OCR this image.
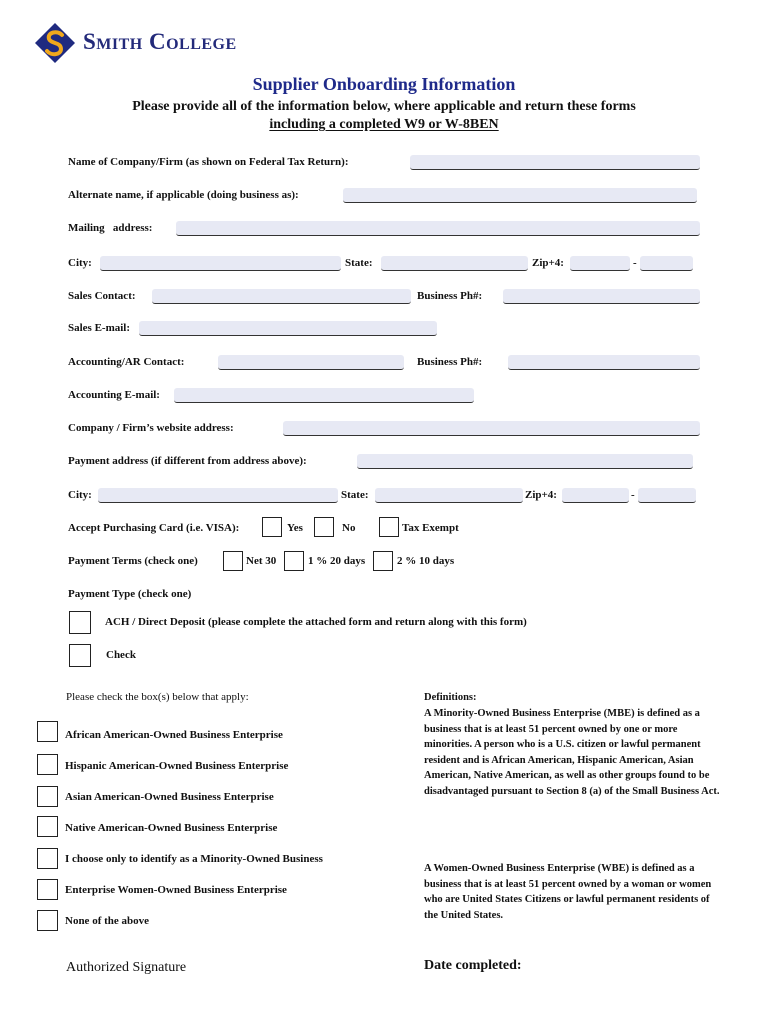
Smith College
Supplier Onboarding Information
Please provide all of the information below, where applicable and return these forms
including a completed W9 or W-8BEN
Name of Company/Firm (as shown on Federal Tax Return):
Alternate name, if applicable (doing business as):
Mailing   address:
City:	State:	Zip+4:	-
Sales Contact:	Business Ph#:
Sales E-mail:
Accounting/AR Contact:	Business Ph#:
Accounting E-mail:
Company / Firm’s website address:
Payment address (if different from address above):
City:	State:	Zip+4:	-
Accept Purchasing Card (i.e. VISA):	Yes	No	Tax Exempt
Payment Terms (check one)	Net 30	1 % 20 days	2 % 10 days
Payment Type (check one)
ACH / Direct Deposit (please complete the attached form and return along with this form)
Check
Please check the box(s) below that apply:
African American-Owned Business Enterprise
Hispanic American-Owned Business Enterprise
Asian American-Owned Business Enterprise
Native American-Owned Business Enterprise
I choose only to identify as a Minority-Owned Business
Enterprise Women-Owned Business Enterprise
None of the above
Definitions:
A Minority-Owned Business Enterprise (MBE) is defined as a business that is at least 51 percent owned by one or more minorities. A person who is a U.S. citizen or lawful permanent resident and is African American, Hispanic American, Asian American, Native American, as well as other groups found to be disadvantaged pursuant to Section 8 (a) of the Small Business Act.
A Women-Owned Business Enterprise (WBE) is defined as a business that is at least 51 percent owned by a woman or women who are United States Citizens or lawful permanent residents of the United States.
Authorized Signature	Date completed:
